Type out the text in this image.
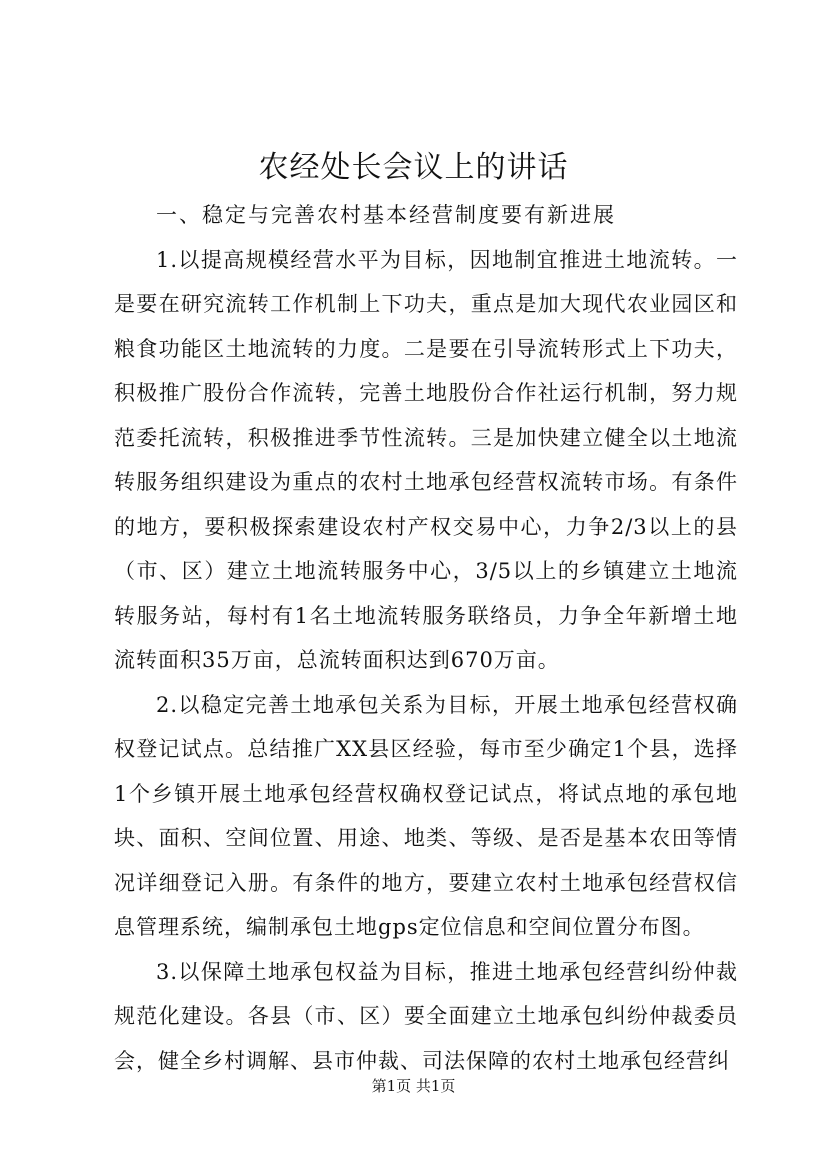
农经处长会议上的讲话

一、稳定与完善农村基本经营制度要有新进展

1.以提高规模经营水平为目标，因地制宜推进土地流转。一是要在研究流转工作机制上下功夫，重点是加大现代农业园区和粮食功能区土地流转的力度。二是要在引导流转形式上下功夫，积极推广股份合作流转，完善土地股份合作社运行机制，努力规范委托流转，积极推进季节性流转。三是加快建立健全以土地流转服务组织建设为重点的农村土地承包经营权流转市场。有条件的地方，要积极探索建设农村产权交易中心，力争2/3以上的县（市、区）建立土地流转服务中心，3/5以上的乡镇建立土地流转服务站，每村有1名土地流转服务联络员，力争全年新增土地流转面积35万亩，总流转面积达到670万亩。

2.以稳定完善土地承包关系为目标，开展土地承包经营权确权登记试点。总结推广XX县区经验，每市至少确定1个县，选择1个乡镇开展土地承包经营权确权登记试点，将试点地的承包地块、面积、空间位置、用途、地类、等级、是否是基本农田等情况详细登记入册。有条件的地方，要建立农村土地承包经营权信息管理系统，编制承包土地gps定位信息和空间位置分布图。

3.以保障土地承包权益为目标，推进土地承包经营纠纷仲裁规范化建设。各县（市、区）要全面建立土地承包纠纷仲裁委员会，健全乡村调解、县市仲裁、司法保障的农村土地承包经营纠

第1页 共1页
